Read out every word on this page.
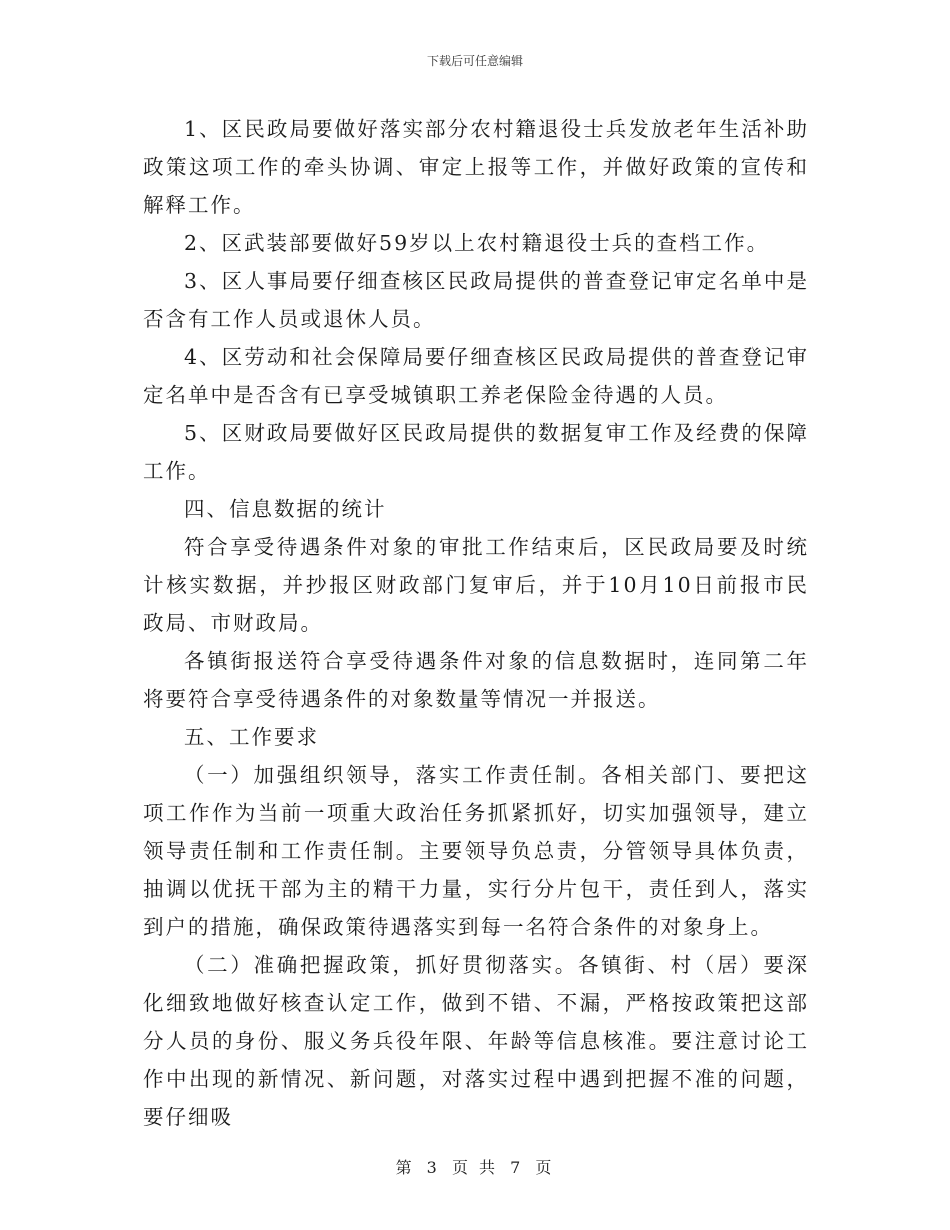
下载后可任意编辑

1、区民政局要做好落实部分农村籍退役士兵发放老年生活补助政策这项工作的牵头协调、审定上报等工作，并做好政策的宣传和解释工作。

2、区武装部要做好59岁以上农村籍退役士兵的查档工作。

3、区人事局要仔细查核区民政局提供的普查登记审定名单中是否含有工作人员或退休人员。

4、区劳动和社会保障局要仔细查核区民政局提供的普查登记审定名单中是否含有已享受城镇职工养老保险金待遇的人员。

5、区财政局要做好区民政局提供的数据复审工作及经费的保障工作。

四、信息数据的统计

符合享受待遇条件对象的审批工作结束后，区民政局要及时统计核实数据，并抄报区财政部门复审后，并于10月10日前报市民政局、市财政局。

各镇街报送符合享受待遇条件对象的信息数据时，连同第二年将要符合享受待遇条件的对象数量等情况一并报送。

五、工作要求

（一）加强组织领导，落实工作责任制。各相关部门、要把这项工作作为当前一项重大政治任务抓紧抓好，切实加强领导，建立领导责任制和工作责任制。主要领导负总责，分管领导具体负责，抽调以优抚干部为主的精干力量，实行分片包干，责任到人，落实到户的措施，确保政策待遇落实到每一名符合条件的对象身上。

（二）准确把握政策，抓好贯彻落实。各镇街、村（居）要深化细致地做好核查认定工作，做到不错、不漏，严格按政策把这部分人员的身份、服义务兵役年限、年龄等信息核准。要注意讨论工作中出现的新情况、新问题，对落实过程中遇到把握不准的问题，要仔细吸

第 3 页 共 7 页
